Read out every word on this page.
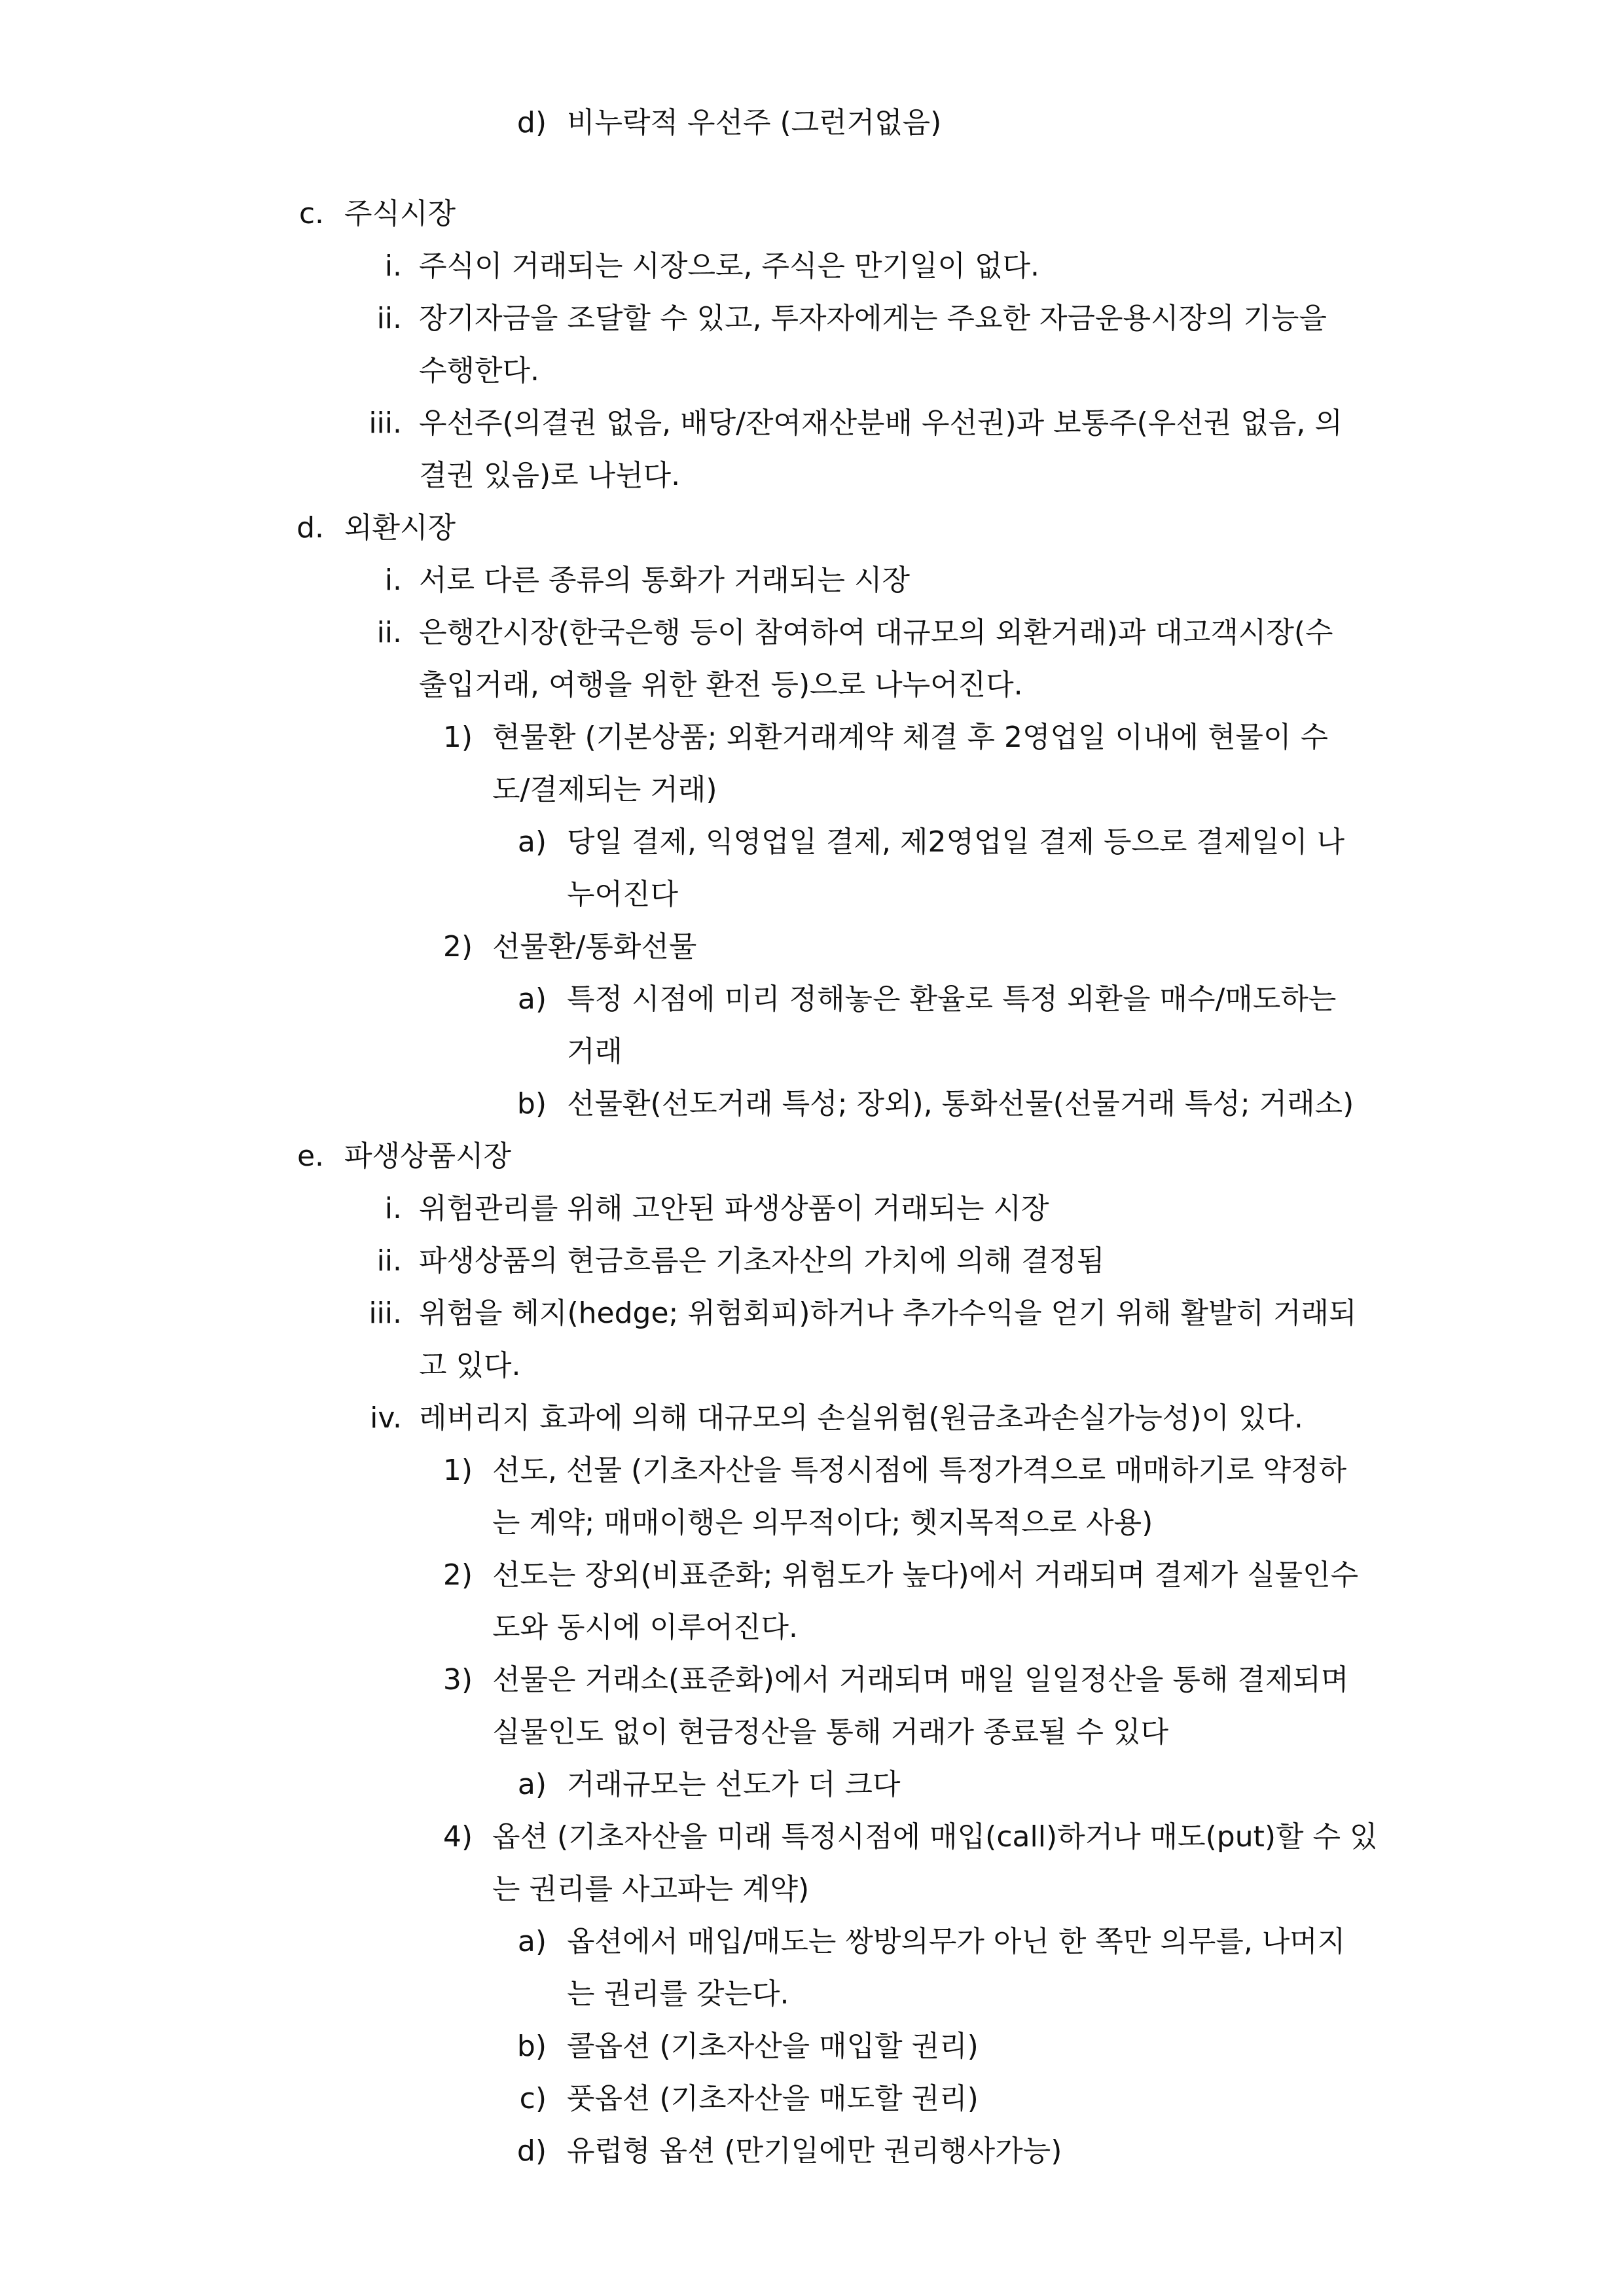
d) 비누락적 우선주 (그런거없음)
c. 주식시장
i. 주식이 거래되는 시장으로, 주식은 만기일이 없다.
ii. 장기자금을 조달할 수 있고, 투자자에게는 주요한 자금운용시장의 기능을
수행한다.
iii. 우선주(의결권 없음, 배당/잔여재산분배 우선권)과 보통주(우선권 없음, 의
결권 있음)로 나뉜다.
d. 외환시장
i. 서로 다른 종류의 통화가 거래되는 시장
ii. 은행간시장(한국은행 등이 참여하여 대규모의 외환거래)과 대고객시장(수
출입거래, 여행을 위한 환전 등)으로 나누어진다.
1) 현물환 (기본상품; 외환거래계약 체결 후 2영업일 이내에 현물이 수
도/결제되는 거래)
a) 당일 결제, 익영업일 결제, 제2영업일 결제 등으로 결제일이 나
누어진다
2) 선물환/통화선물
a) 특정 시점에 미리 정해놓은 환율로 특정 외환을 매수/매도하는
거래
b) 선물환(선도거래 특성; 장외), 통화선물(선물거래 특성; 거래소)
e. 파생상품시장
i. 위험관리를 위해 고안된 파생상품이 거래되는 시장
ii. 파생상품의 현금흐름은 기초자산의 가치에 의해 결정됨
iii. 위험을 헤지(hedge; 위험회피)하거나 추가수익을 얻기 위해 활발히 거래되
고 있다.
iv. 레버리지 효과에 의해 대규모의 손실위험(원금초과손실가능성)이 있다.
1) 선도, 선물 (기초자산을 특정시점에 특정가격으로 매매하기로 약정하
는 계약; 매매이행은 의무적이다; 헷지목적으로 사용)
2) 선도는 장외(비표준화; 위험도가 높다)에서 거래되며 결제가 실물인수
도와 동시에 이루어진다.
3) 선물은 거래소(표준화)에서 거래되며 매일 일일정산을 통해 결제되며
실물인도 없이 현금정산을 통해 거래가 종료될 수 있다
a) 거래규모는 선도가 더 크다
4) 옵션 (기초자산을 미래 특정시점에 매입(call)하거나 매도(put)할 수 있
는 권리를 사고파는 계약)
a) 옵션에서 매입/매도는 쌍방의무가 아닌 한 쪽만 의무를, 나머지
는 권리를 갖는다.
b) 콜옵션 (기초자산을 매입할 권리)
c) 풋옵션 (기초자산을 매도할 권리)
d) 유럽형 옵션 (만기일에만 권리행사가능)
